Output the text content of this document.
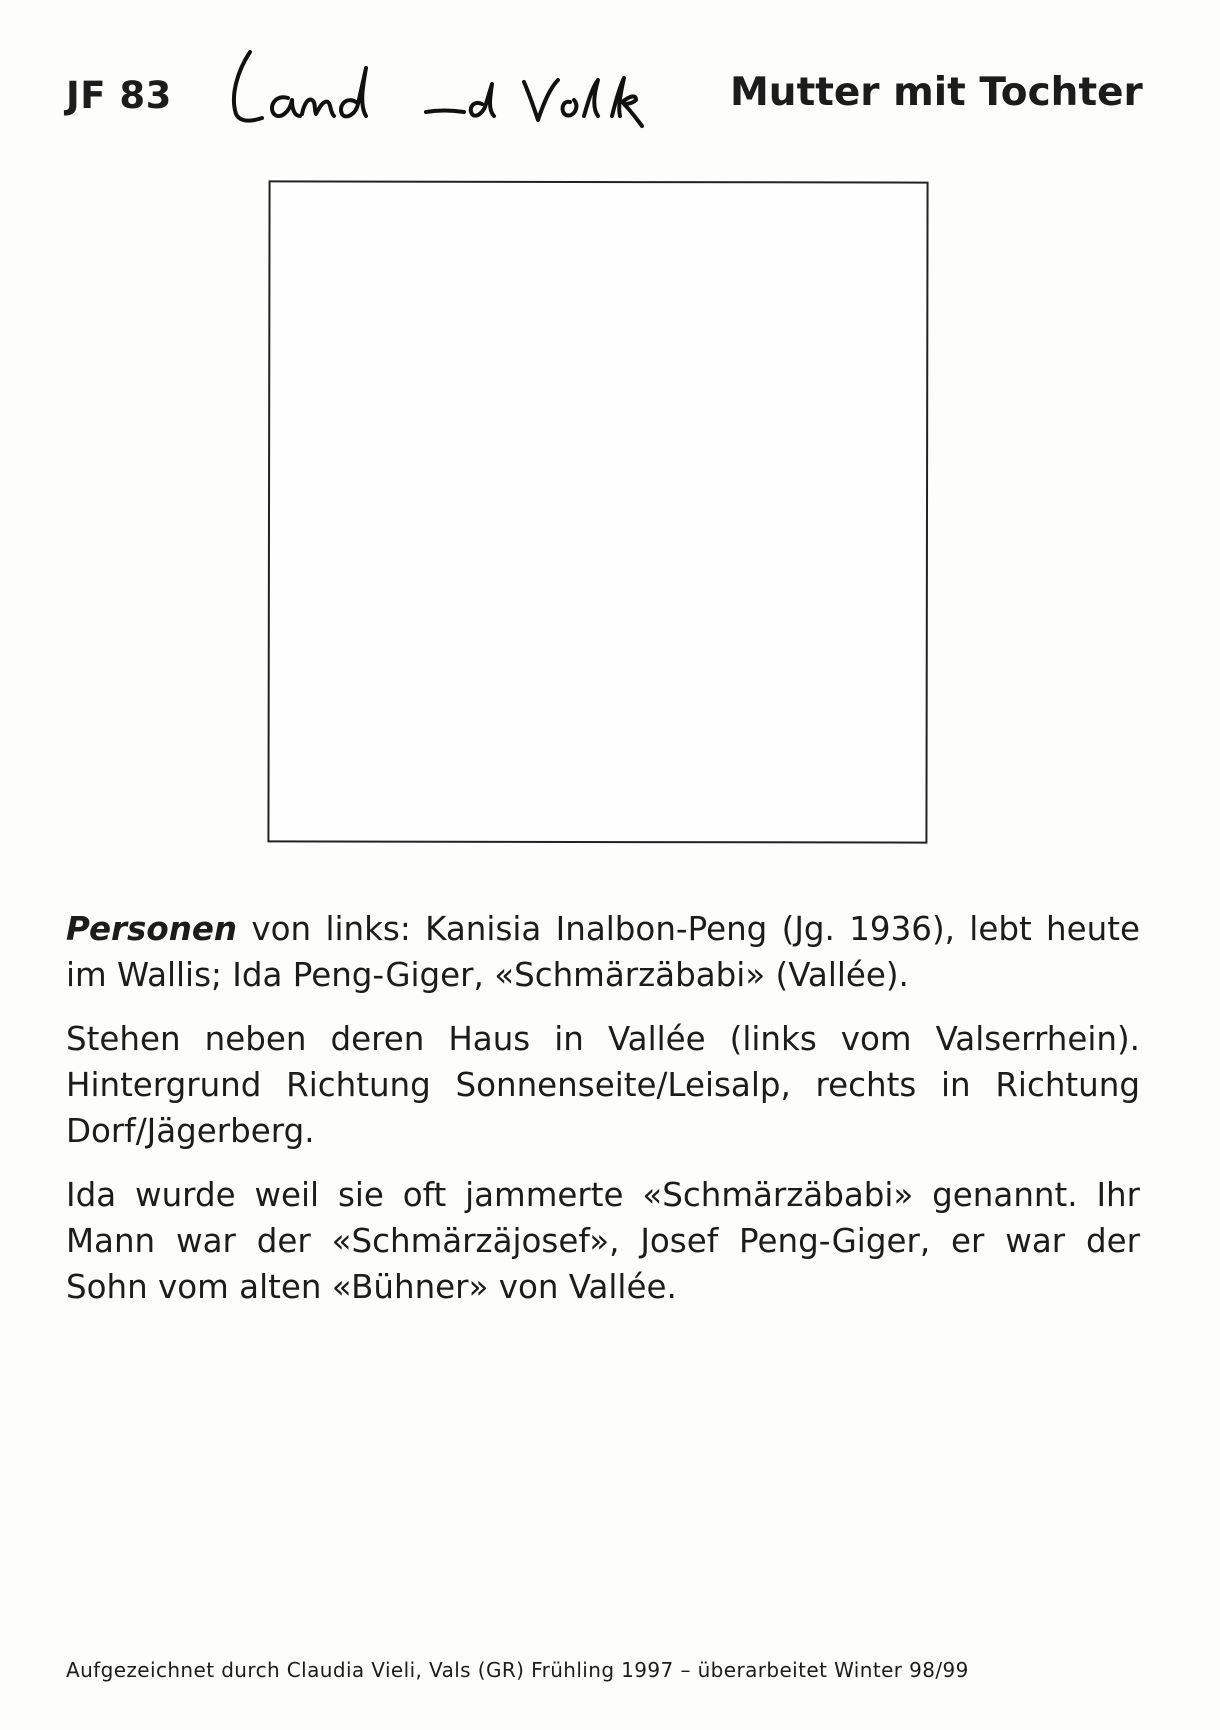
JF 83	Mutter mit Tochter

Personen von links: Kanisia Inalbon-Peng (Jg. 1936), lebt heute im Wallis; Ida Peng-Giger, «Schmärzäbabi» (Vallée).

Stehen neben deren Haus in Vallée (links vom Valserrhein). Hintergrund Richtung Sonnenseite/Leisalp, rechts in Richtung Dorf/Jägerberg.

Ida wurde weil sie oft jammerte «Schmärzäbabi» genannt. Ihr Mann war der «Schmärzäjosef», Josef Peng-Giger, er war der Sohn vom alten «Bühner» von Vallée.

Aufgezeichnet durch Claudia Vieli, Vals (GR) Frühling 1997 – überarbeitet Winter 98/99
